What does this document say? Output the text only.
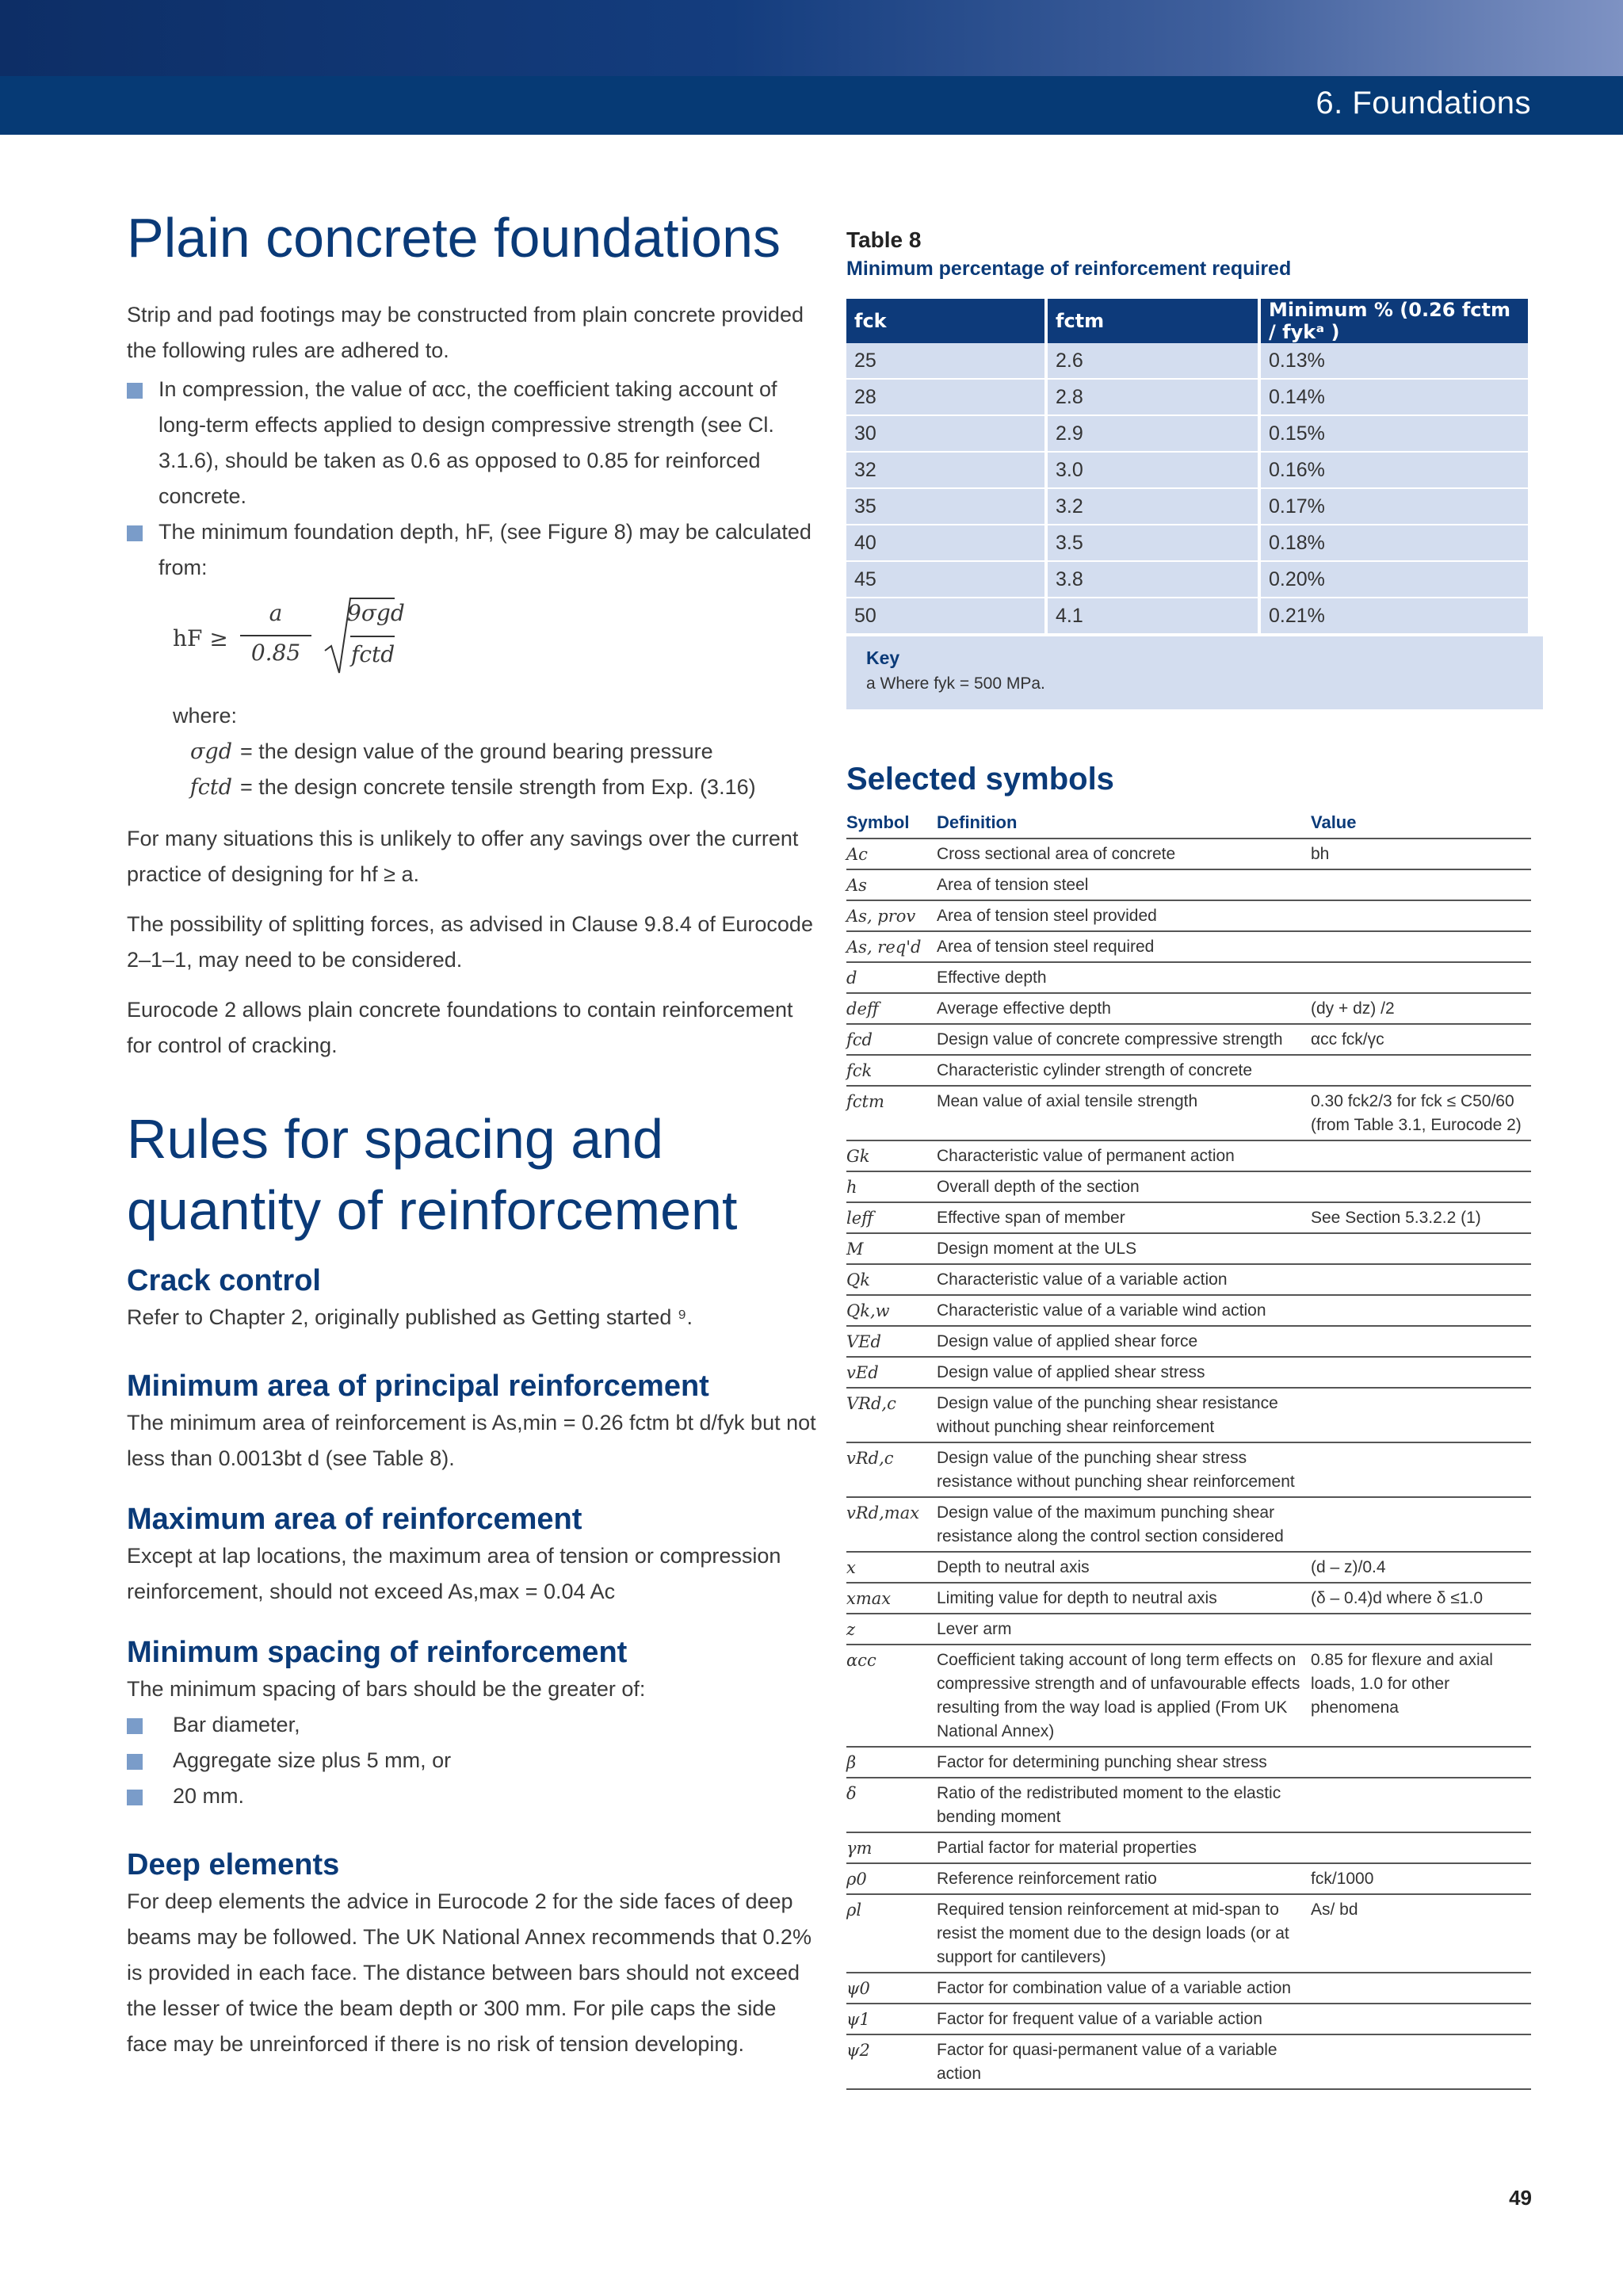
6. Foundations
Plain concrete foundations

Strip and pad footings may be constructed from plain concrete provided the following rules are adhered to.

In compression, the value of αcc, the coefficient taking account of long-term effects applied to design compressive strength (see Cl. 3.1.6), should be taken as 0.6 as opposed to 0.85 for reinforced concrete.
The minimum foundation depth, hF, (see Figure 8) may be calculated from:
hF ≥
a
0.85
9σgd
fctd

where:

σgd = the design value of the ground bearing pressure
fctd = the design concrete tensile strength from Exp. (3.16)

For many situations this is unlikely to offer any savings over the current practice of designing for hf ≥ a.

The possibility of splitting forces, as advised in Clause 9.8.4 of Eurocode 2–1–1, may need to be considered.

Eurocode 2 allows plain concrete foundations to contain reinforcement for control of cracking.

Rules for spacing and quantity of reinforcement
Crack control

Refer to Chapter 2, originally published as Getting started ⁹.

Minimum area of principal reinforcement

The minimum area of reinforcement is As,min = 0.26 fctm bt d/fyk but not less than 0.0013bt d (see Table 8).

Maximum area of reinforcement

Except at lap locations, the maximum area of tension or compression reinforcement, should not exceed As,max = 0.04 Ac

Minimum spacing of reinforcement

The minimum spacing of bars should be the greater of:

Bar diameter,
Aggregate size plus 5 mm, or
20 mm.
Deep elements

For deep elements the advice in Eurocode 2 for the side faces of deep beams may be followed. The UK National Annex recommends that 0.2% is provided in each face. The distance between bars should not exceed the lesser of twice the beam depth or 300 mm. For pile caps the side face may be unreinforced if there is no risk of tension developing.

Table 8
Minimum percentage of reinforcement required
fck	fctm	Minimum % (0.26 fctm / fykᵃ )
25	2.6	0.13%
28	2.8	0.14%
30	2.9	0.15%
32	3.0	0.16%
35	3.2	0.17%
40	3.5	0.18%
45	3.8	0.20%
50	4.1	0.21%
Key
a Where fyk = 500 MPa.
Selected symbols
Symbol	Definition	Value
Ac	Cross sectional area of concrete	bh
As	Area of tension steel	
As, prov	Area of tension steel provided	
As, req'd	Area of tension steel required	
d	Effective depth	
deff	Average effective depth	(dy + dz) /2
fcd	Design value of concrete compressive strength	αcc fck/γc
fck	Characteristic cylinder strength of concrete	
fctm	Mean value of axial tensile strength	0.30 fck2/3 for fck ≤ C50/60 (from Table 3.1, Eurocode 2)
Gk	Characteristic value of permanent action	
h	Overall depth of the section	
leff	Effective span of member	See Section 5.3.2.2 (1)
M	Design moment at the ULS	
Qk	Characteristic value of a variable action	
Qk,w	Characteristic value of a variable wind action	
VEd	Design value of applied shear force	
vEd	Design value of applied shear stress	
VRd,c	Design value of the punching shear resistance without punching shear reinforcement	
vRd,c	Design value of the punching shear stress resistance without punching shear reinforcement	
vRd,max	Design value of the maximum punching shear resistance along the control section considered	
x	Depth to neutral axis	(d – z)/0.4
xmax	Limiting value for depth to neutral axis	(δ – 0.4)d where δ ≤1.0
z	Lever arm	
αcc	Coefficient taking account of long term effects on compressive strength and of unfavourable effects resulting from the way load is applied (From UK National Annex)	0.85 for flexure and axial loads, 1.0 for other phenomena
β	Factor for determining punching shear stress	
δ	Ratio of the redistributed moment to the elastic bending moment	
γm	Partial factor for material properties	
ρ0	Reference reinforcement ratio	fck/1000
ρl	Required tension reinforcement at mid-span to resist the moment due to the design loads (or at support for cantilevers)	As/ bd
ψ0	Factor for combination value of a variable action	
ψ1	Factor for frequent value of a variable action	
ψ2	Factor for quasi-permanent value of a variable action	
49
